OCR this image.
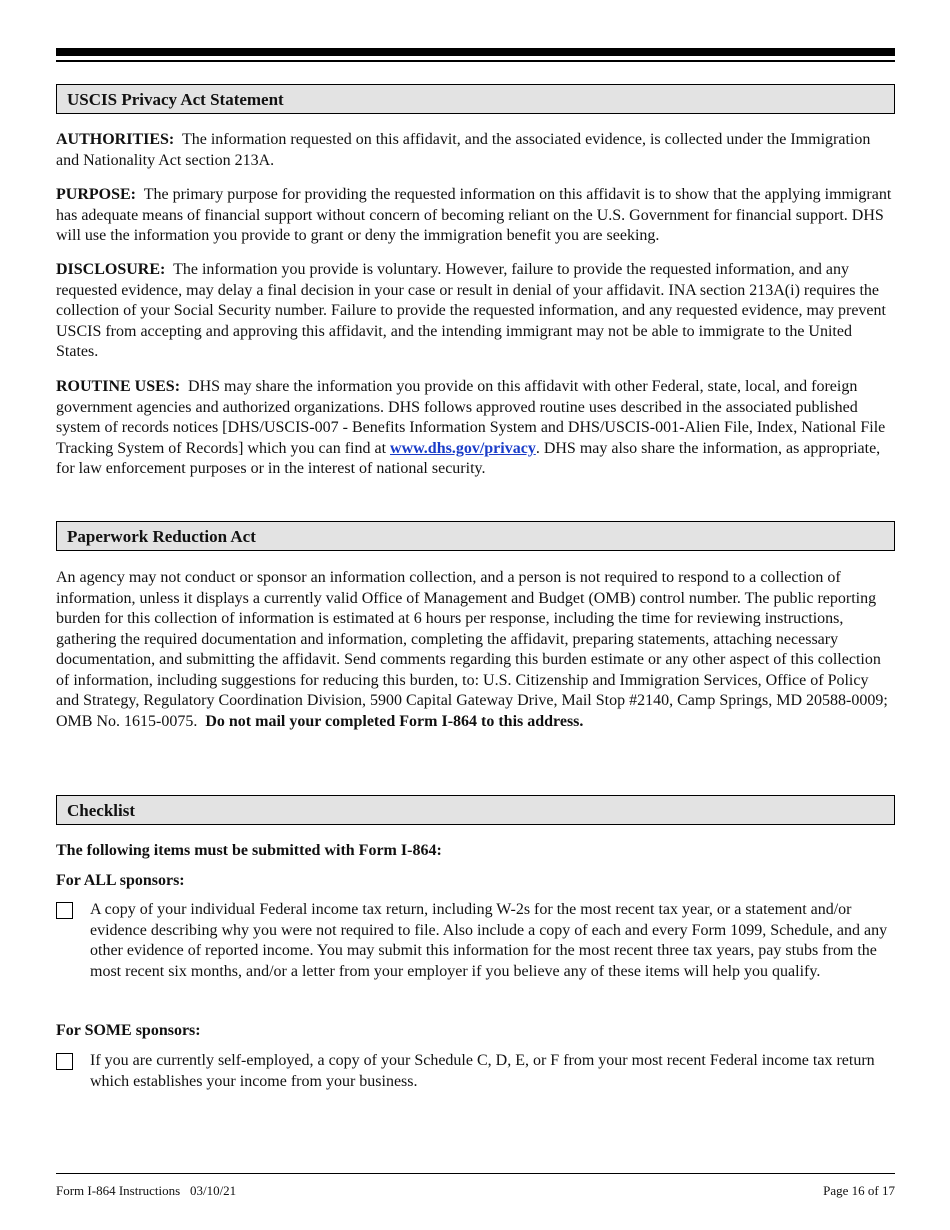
USCIS Privacy Act Statement

AUTHORITIES: The information requested on this affidavit, and the associated evidence, is collected under the Immigration and Nationality Act section 213A.

PURPOSE: The primary purpose for providing the requested information on this affidavit is to show that the applying immigrant has adequate means of financial support without concern of becoming reliant on the U.S. Government for financial support. DHS will use the information you provide to grant or deny the immigration benefit you are seeking.

DISCLOSURE: The information you provide is voluntary. However, failure to provide the requested information, and any requested evidence, may delay a final decision in your case or result in denial of your affidavit. INA section 213A(i) requires the collection of your Social Security number. Failure to provide the requested information, and any requested evidence, may prevent USCIS from accepting and approving this affidavit, and the intending immigrant may not be able to immigrate to the United States.

ROUTINE USES: DHS may share the information you provide on this affidavit with other Federal, state, local, and foreign government agencies and authorized organizations. DHS follows approved routine uses described in the associated published system of records notices [DHS/USCIS-007 - Benefits Information System and DHS/USCIS-001-Alien File, Index, National File Tracking System of Records] which you can find at www.dhs.gov/privacy. DHS may also share the information, as appropriate, for law enforcement purposes or in the interest of national security.

Paperwork Reduction Act

An agency may not conduct or sponsor an information collection, and a person is not required to respond to a collection of information, unless it displays a currently valid Office of Management and Budget (OMB) control number. The public reporting burden for this collection of information is estimated at 6 hours per response, including the time for reviewing instructions, gathering the required documentation and information, completing the affidavit, preparing statements, attaching necessary documentation, and submitting the affidavit. Send comments regarding this burden estimate or any other aspect of this collection of information, including suggestions for reducing this burden, to: U.S. Citizenship and Immigration Services, Office of Policy and Strategy, Regulatory Coordination Division, 5900 Capital Gateway Drive, Mail Stop #2140, Camp Springs, MD 20588-0009; OMB No. 1615-0075. Do not mail your completed Form I-864 to this address.

Checklist

The following items must be submitted with Form I-864:

For ALL sponsors:

A copy of your individual Federal income tax return, including W-2s for the most recent tax year, or a statement and/or evidence describing why you were not required to file. Also include a copy of each and every Form 1099, Schedule, and any other evidence of reported income. You may submit this information for the most recent three tax years, pay stubs from the most recent six months, and/or a letter from your employer if you believe any of these items will help you qualify.

For SOME sponsors:

If you are currently self-employed, a copy of your Schedule C, D, E, or F from your most recent Federal income tax return which establishes your income from your business.

Form I-864 Instructions   03/10/21	Page 16 of 17
